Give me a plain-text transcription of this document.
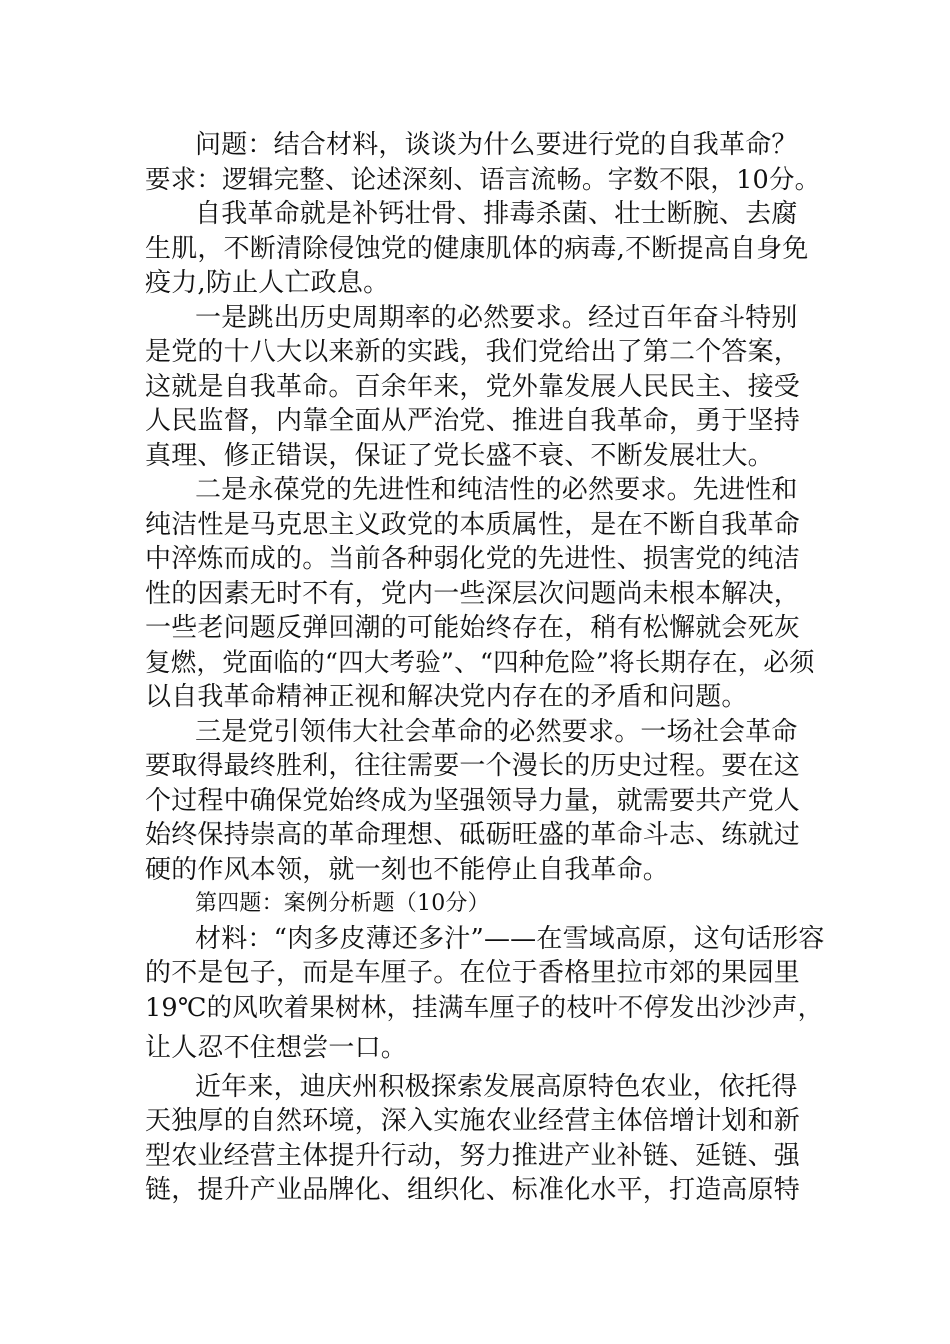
问题：结合材料，谈谈为什么要进行党的自我革命？
要求：逻辑完整、论述深刻、语言流畅。字数不限，10分。
自我革命就是补钙壮骨、排毒杀菌、壮士断腕、去腐
生肌，不断清除侵蚀党的健康肌体的病毒,不断提高自身免
疫力,防止人亡政息。
一是跳出历史周期率的必然要求。经过百年奋斗特别
是党的十八大以来新的实践，我们党给出了第二个答案，
这就是自我革命。百余年来，党外靠发展人民民主、接受
人民监督，内靠全面从严治党、推进自我革命，勇于坚持
真理、修正错误，保证了党长盛不衰、不断发展壮大。
二是永葆党的先进性和纯洁性的必然要求。先进性和
纯洁性是马克思主义政党的本质属性，是在不断自我革命
中淬炼而成的。当前各种弱化党的先进性、损害党的纯洁
性的因素无时不有，党内一些深层次问题尚未根本解决，
一些老问题反弹回潮的可能始终存在，稍有松懈就会死灰
复燃，党面临的“四大考验”、“四种危险”将长期存在，必须
以自我革命精神正视和解决党内存在的矛盾和问题。
三是党引领伟大社会革命的必然要求。一场社会革命
要取得最终胜利，往往需要一个漫长的历史过程。要在这
个过程中确保党始终成为坚强领导力量，就需要共产党人
始终保持崇高的革命理想、砥砺旺盛的革命斗志、练就过
硬的作风本领，就一刻也不能停止自我革命。
第四题：案例分析题（10分）
材料：“肉多皮薄还多汁”——在雪域高原，这句话形容
的不是包子，而是车厘子。在位于香格里拉市郊的果园里
19℃的风吹着果树林，挂满车厘子的枝叶不停发出沙沙声，
让人忍不住想尝一口。
近年来，迪庆州积极探索发展高原特色农业，依托得
天独厚的自然环境，深入实施农业经营主体倍增计划和新
型农业经营主体提升行动，努力推进产业补链、延链、强
链，提升产业品牌化、组织化、标准化水平，打造高原特
